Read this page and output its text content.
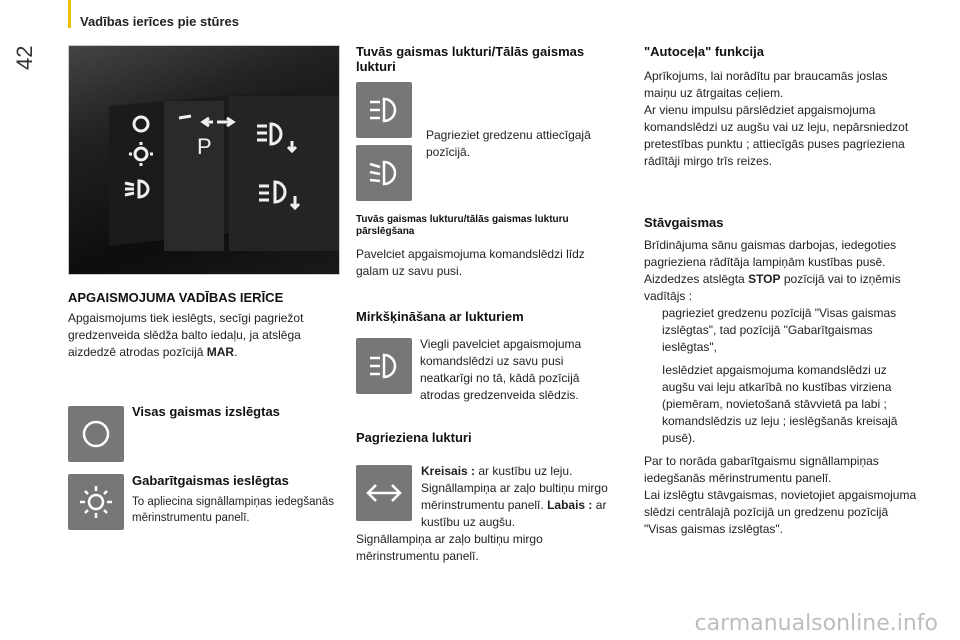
42
Vadības ierīces pie stūres
P
APGAISMOJUMA VADĪBAS IERĪCE

Apgaismojums tiek ieslēgts, secīgi pagriežot gredzenveida slēdža balto iedaļu, ja atslēga aizdedzē atrodas pozīcijā MAR.

Visas gaismas izslēgtas
Gabarītgaismas ieslēgtas

To apliecina signāllampiņas iedegšanās mērinstrumentu panelī.

Tuvās gaismas lukturi/Tālās gaismas lukturi

Pagrieziet gredzenu attiecīgajā pozīcijā.

Tuvās gaismas lukturu/tālās gaismas lukturu pārslēgšana

Pavelciet apgaismojuma komandslēdzi līdz galam uz savu pusi.

Mirkšķināšana ar lukturiem

Viegli pavelciet apgaismojuma komandslēdzi uz savu pusi neatkarīgi no tā, kādā pozīcijā atrodas gredzenveida slēdzis.

Pagrieziena lukturi

Kreisais : ar kustību uz leju. Signāllampiņa ar zaļo bultiņu mirgo mērinstrumentu panelī. Labais : ar kustību uz augšu.

Signāllampiņa ar zaļo bultiņu mirgo mērinstrumentu panelī.

"Autoceļa" funkcija

Aprīkojums, lai norādītu par braucamās joslas maiņu uz ātrgaitas ceļiem.

Ar vienu impulsu pārslēdziet apgaismojuma komandslēdzi uz augšu vai uz leju, nepārsniedzot pretestības punktu ; attiecīgās puses pagrieziena rādītāji mirgo trīs reizes.

Stāvgaismas

Brīdinājuma sānu gaismas darbojas, iedegoties pagrieziena rādītāja lampiņām kustības pusē.

Aizdedzes atslēgta STOP pozīcijā vai to izņēmis vadītājs :

pagrieziet gredzenu pozīcijā "Visas gaismas izslēgtas", tad pozīcijā "Gabarītgaismas ieslēgtas",
Ieslēdziet apgaismojuma komandslēdzi uz augšu vai leju atkarībā no kustības virziena (piemēram, novietošanā stāvvietā pa labi ; komandslēdzis uz leju ; ieslēgšanās kreisajā pusē).

Par to norāda gabarītgaismu signāllampiņas iedegšanās mērinstrumentu panelī.

Lai izslēgtu stāvgaismas, novietojiet apgaismojuma slēdzi centrālajā pozīcijā un gredzenu pozīcijā "Visas gaismas izslēgtas".

carmanualsonline.info
